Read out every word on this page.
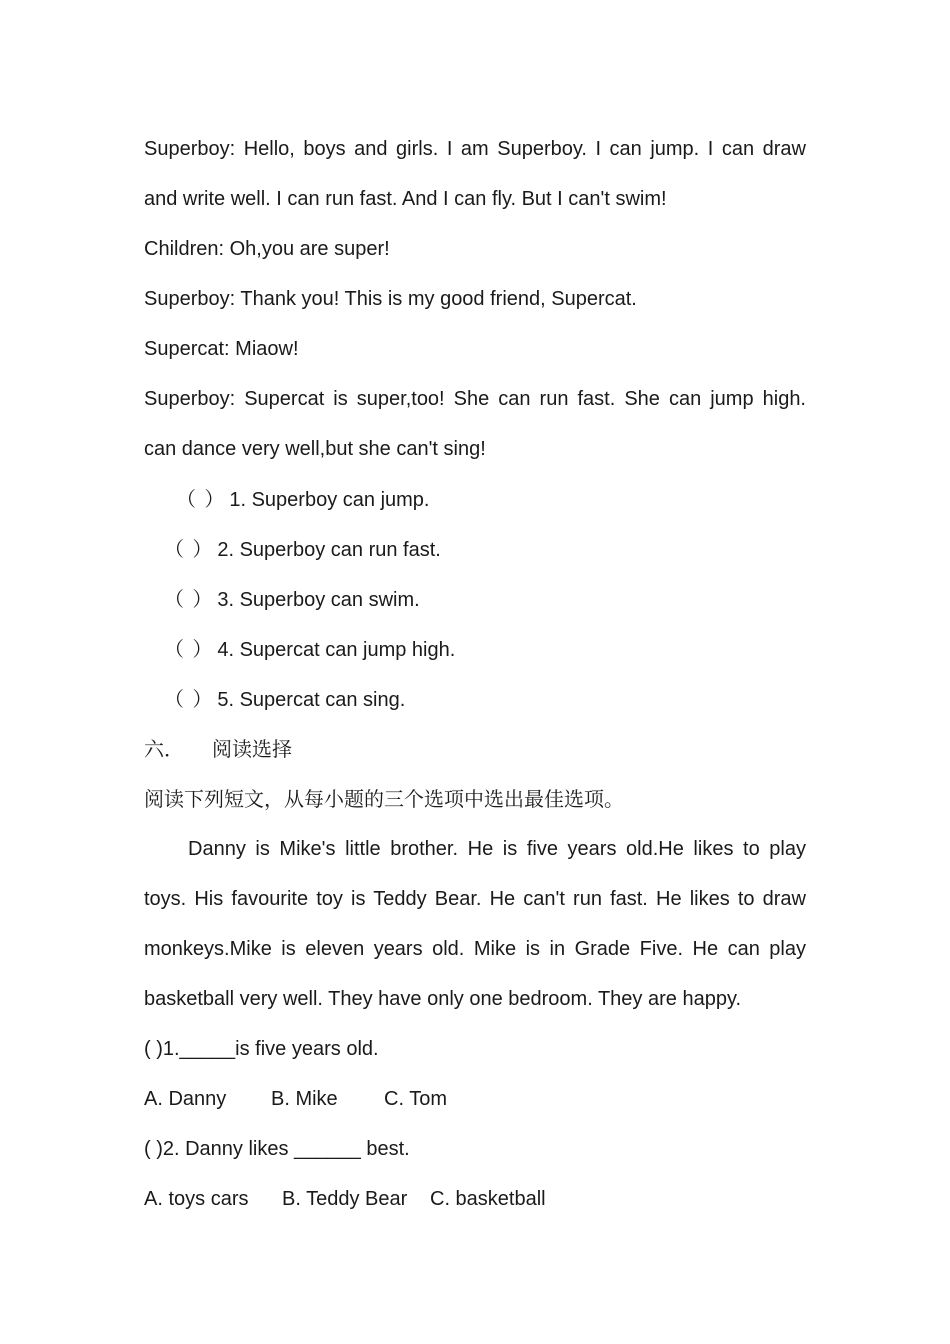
Superboy: Hello, boys and girls. I am Superboy. I can jump. I can draw
and write well. I can run fast. And I can fly. But I can't swim!
Children: Oh,you are super!
Superboy: Thank you! This is my good friend, Supercat.
Supercat: Miaow!
Superboy: Supercat is super,too! She can run fast. She can jump high.
can dance very well,but she can't sing!
（ ） 1. Superboy can jump.
（ ） 2. Superboy can run fast.
（ ） 3. Superboy can swim.
（ ） 4. Supercat can jump high.
（ ） 5. Supercat can sing.
六． 阅读选择
阅读下列短文，从每小题的三个选项中选出最佳选项。
Danny is Mike's little brother. He is five years old.He likes to play
toys. His favourite toy is Teddy Bear. He can't run fast. He likes to draw
monkeys.Mike is eleven years old. Mike is in Grade Five. He can play
basketball very well. They have only one bedroom. They are happy.
( )1._____is five years old.
A. Danny B. Mike C. Tom
( )2. Danny likes ______ best.
A. toys cars B. Teddy Bear C. basketball
